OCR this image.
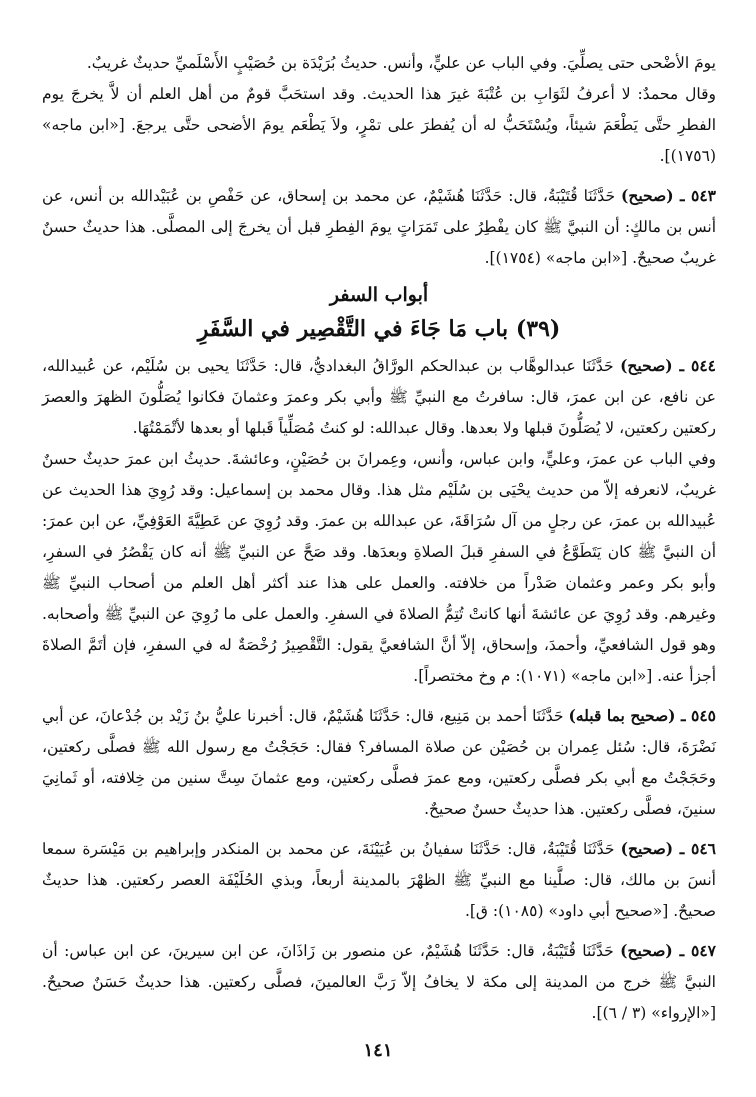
يومَ الأضْحى حتى يصلِّيَ. وفي الباب عن عليٍّ، وأنس. حديثُ بُرَيْدَة بن حُصَيْبٍ الأَسْلَميِّ حديثٌ غريبٌ.

وقال محمدٌ: لا أعرفُ لثَوَابِ بن عُتْبَةَ غيرَ هذا الحديث. وقد استحَبَّ قومٌ من أهل العلم أن لاَّ يخرجَ يوم الفطرِ حتَّى يَطْعَمَ شيئاً، ويُسْتَحَبُّ له أن يُفطرَ على تمْرٍ، ولاَ يَطْعَم يومَ الأضحى حتَّى يرجعَ. [«ابن ماجه» (١٧٥٦)].

٥٤٣ ـ (صحيح) حَدَّثَنَا قُتَيْبَةُ، قال: حَدَّثَنَا هُشَيْمٌ، عن محمد بن إسحاق، عن حَفْصِ بن عُبَيْدالله بن أنس، عن أنس بن مالكٍ: أن النبيَّ ﷺ كان يفْطِرُ على تَمَرَاتٍ يومَ الفِطرِ قبل أن يخرجَ إلى المصلَّى. هذا حديثٌ حسنٌ غريبٌ صحيحٌ. [«ابن ماجه» (١٧٥٤)].

أبواب السفر
(٣٩) باب مَا جَاءَ في التَّقْصِير في السَّفَرِ

٥٤٤ ـ (صحيح) حَدَّثَنَا عبدالوهَّاب بن عبدالحكم الورَّاقُ البغداديُّ، قال: حَدَّثَنَا يحيى بن سُلَيْم، عن عُبيدالله، عن نافع، عن ابن عمرَ، قال: سافرتُ مع النبيِّ ﷺ وأبي بكر وعمرَ وعثمانَ فكانوا يُصَلُّونَ الظهرَ والعصرَ ركعتين ركعتين، لا يُصَلُّونَ قبلها ولا بعدها. وقال عبدالله: لو كنتُ مُصَلِّياً قَبلها أو بعدها لأتْمَمْتُهَا.

وفي الباب عن عمرَ، وعليٍّ، وابن عباس، وأنس، وعِمرانَ بن حُصَيْنٍ، وعائشةَ. حديثُ ابن عمرَ حديثٌ حسنٌ غريبٌ، لانعرفه إلاّ من حديث يحْيَى بن سُلَيْم مثل هذا. وقال محمد بن إسماعيل: وقد رُوِيَ هذا الحديث عن عُبيدالله بن عمرَ، عن رجلٍ من آل سُرَاقَةَ، عن عبدالله بن عمرَ. وقد رُوِيَ عن عَطِيَّةَ العَوْفِيِّ، عن ابن عمرَ: أن النبيَّ ﷺ كان يَتَطَوَّعُ في السفرِ قبلَ الصلاةِ وبعدَها. وقد صَحَّ عن النبيِّ ﷺ أنه كان يَقْصُرُ في السفرِ، وأبو بكر وعمر وعثمان صَدْراً من خلافته. والعمل على هذا عند أكثر أهل العلم من أصحاب النبيِّ ﷺ وغيرهم. وقد رُوِيَ عن عائشةَ أنها كانتْ تُتِمُّ الصلاةَ في السفرِ. والعمل على ما رُوِيَ عن النبيِّ ﷺ وأصحابه. وهو قول الشافعيِّ، وأحمدَ، وإسحاق، إلاّ أنَّ الشافعيَّ يقول: التَّقْصِيرُ رُخْصَةٌ له في السفرِ، فإن أتَمَّ الصلاةَ أجزأ عنه. [«ابن ماجه» (١٠٧١): م وخ مختصراً].

٥٤٥ ـ (صحيح بما قبله) حَدَّثَنَا أحمد بن مَنِيع، قال: حَدَّثَنَا هُشَيْمٌ، قال: أخبرنا عليُّ بنُ زَيْد بن جُدْعانَ، عن أبي نَضْرَةَ، قال: سُئل عِمران بن حُصَيْن عن صلاة المسافر؟ فقال: حَجَجْتُ مع رسول الله ﷺ فصلَّى ركعتين، وحَجَجْتُ مع أبي بكر فصلَّى ركعتين، ومع عمرَ فصلَّى ركعتين، ومع عثمانَ سِتَّ سنين من خِلافته، أو ثَمانِيَ سنينَ، فصلَّى ركعتين. هذا حديثٌ حسنٌ صحيحٌ.

٥٤٦ ـ (صحيح) حَدَّثَنَا قُتَيْبَةُ، قال: حَدَّثَنَا سفيانُ بن عُيَيْنَةَ، عن محمد بن المنكدر وإبراهيم بن مَيْسَرة سمعا أنسَ بن مالك، قال: صلَّينا مع النبيِّ ﷺ الظهْرَ بالمدينة أربعاً، وبذي الحُلَيْفَة العصر ركعتين. هذا حديثٌ صحيحٌ. [«صحيح أبي داود» (١٠٨٥): ق].

٥٤٧ ـ (صحيح) حَدَّثَنَا قُتَيْبَةُ، قال: حَدَّثَنَا هُشَيْمٌ، عن منصور بن زَاذَانَ، عن ابن سيرينَ، عن ابن عباس: أن النبيَّ ﷺ خرج من المدينة إلى مكة لا يخافُ إلاّ رَبَّ العالمينَ، فصلَّى ركعتين. هذا حديثٌ حَسَنٌ صحيحٌ. [«الإرواء» (٣ / ٦)].

١٤١
